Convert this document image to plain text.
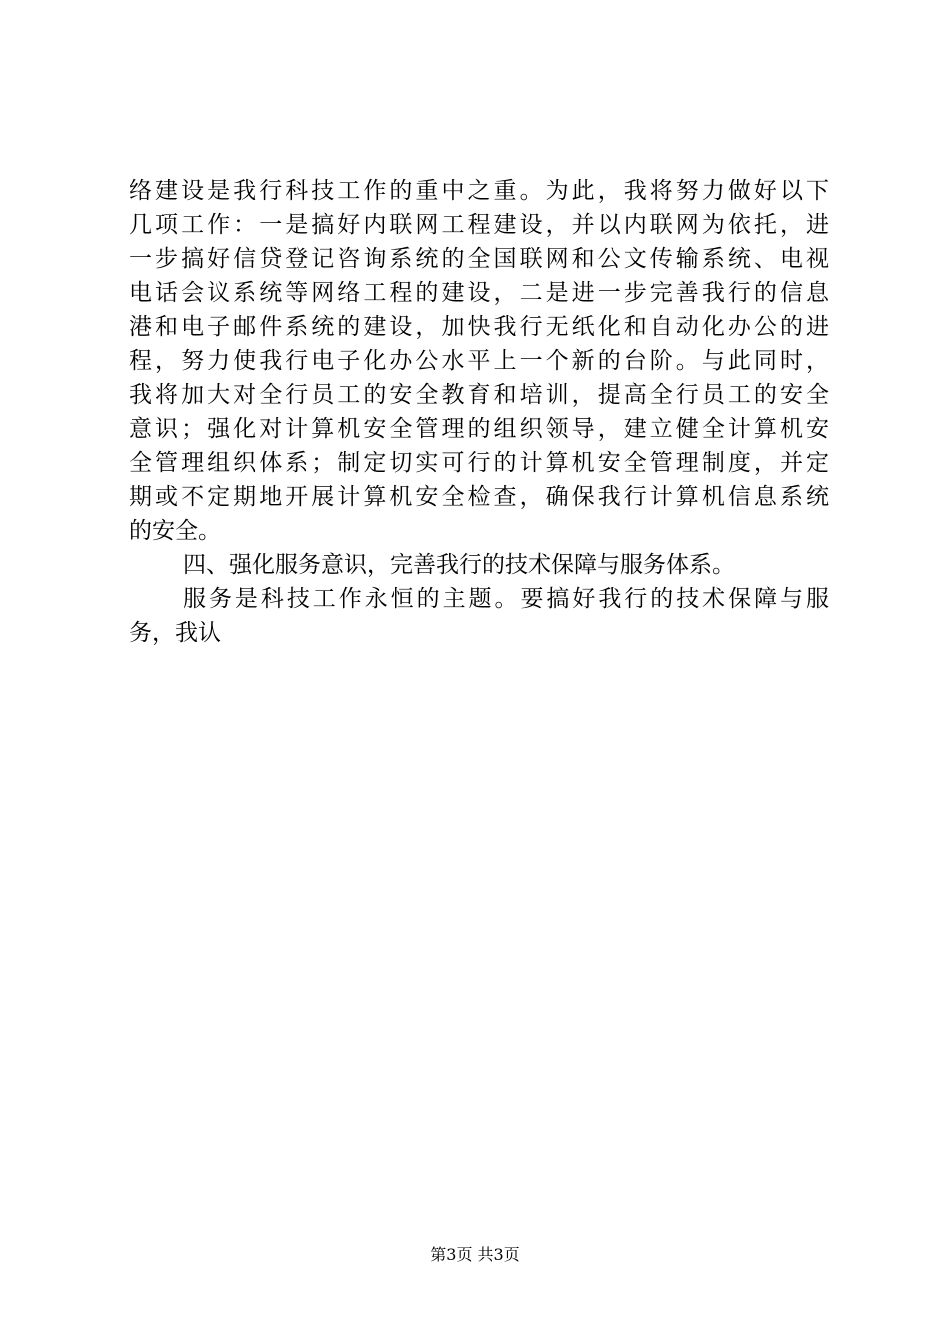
络建设是我行科技工作的重中之重。为此，我将努力做好以下
几项工作：一是搞好内联网工程建设，并以内联网为依托，进
一步搞好信贷登记咨询系统的全国联网和公文传输系统、电视
电话会议系统等网络工程的建设，二是进一步完善我行的信息
港和电子邮件系统的建设，加快我行无纸化和自动化办公的进
程，努力使我行电子化办公水平上一个新的台阶。与此同时，
我将加大对全行员工的安全教育和培训，提高全行员工的安全
意识；强化对计算机安全管理的组织领导，建立健全计算机安
全管理组织体系；制定切实可行的计算机安全管理制度，并定
期或不定期地开展计算机安全检查，确保我行计算机信息系统
的安全。
四、强化服务意识，完善我行的技术保障与服务体系。
服务是科技工作永恒的主题。要搞好我行的技术保障与服
务，我认
第3页 共3页
